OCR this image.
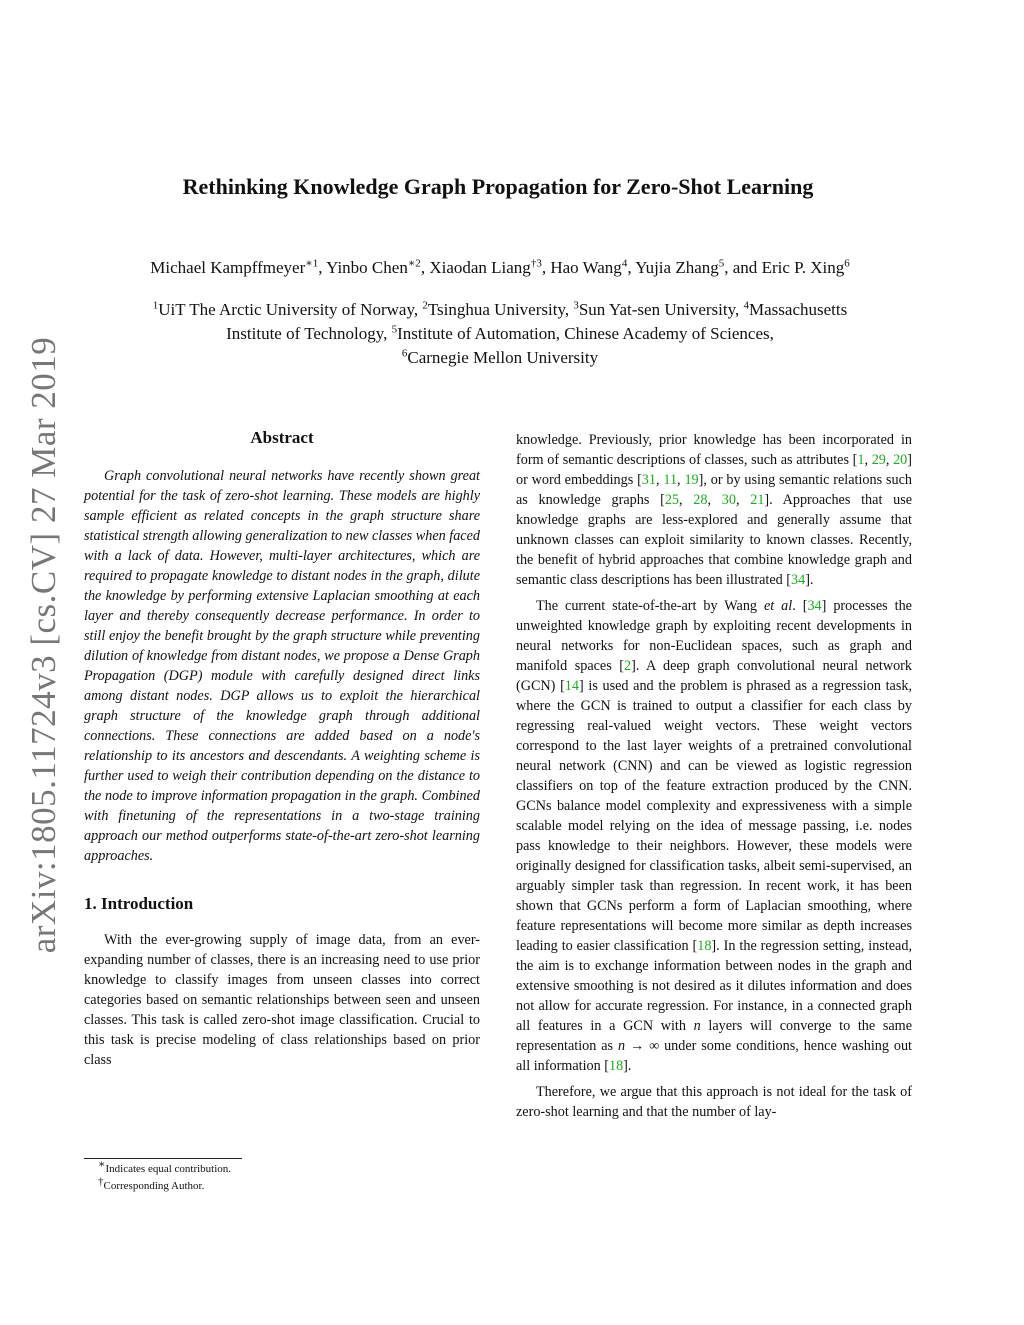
arXiv:1805.11724v3 [cs.CV] 27 Mar 2019
Rethinking Knowledge Graph Propagation for Zero-Shot Learning
Michael Kampffmeyer$^{∗1}$, Yinbo Chen$^{∗2}$, Xiaodan Liang$^{\dagger 3}$, Hao Wang$^4$, Yujia Zhang$^5$, and Eric P. Xing$^6$
$^1$UiT The Arctic University of Norway, $^2$Tsinghua University, $^3$Sun Yat-sen University, $^4$Massachusetts
Institute of Technology, $^5$Institute of Automation, Chinese Academy of Sciences,
$^6$Carnegie Mellon University
Abstract

Graph convolutional neural networks have recently shown great potential for the task of zero-shot learning. These models are highly sample efficient as related concepts in the graph structure share statistical strength allowing generalization to new classes when faced with a lack of data. However, multi-layer architectures, which are required to propagate knowledge to distant nodes in the graph, dilute the knowledge by performing extensive Laplacian smoothing at each layer and thereby consequently decrease performance. In order to still enjoy the benefit brought by the graph structure while preventing dilution of knowledge from distant nodes, we propose a Dense Graph Propagation (DGP) module with carefully designed direct links among distant nodes. DGP allows us to exploit the hierarchical graph structure of the knowledge graph through additional connections. These connections are added based on a node's relationship to its ancestors and descendants. A weighting scheme is further used to weigh their contribution depending on the distance to the node to improve information propagation in the graph. Combined with finetuning of the representations in a two-stage training approach our method outperforms state-of-the-art zero-shot learning approaches.

1. Introduction

With the ever-growing supply of image data, from an ever-expanding number of classes, there is an increasing need to use prior knowledge to classify images from unseen classes into correct categories based on semantic relationships between seen and unseen classes. This task is called zero-shot image classification. Crucial to this task is precise modeling of class relationships based on prior class

knowledge. Previously, prior knowledge has been incorporated in form of semantic descriptions of classes, such as attributes [1, 29, 20] or word embeddings [31, 11, 19], or by using semantic relations such as knowledge graphs [25, 28, 30, 21]. Approaches that use knowledge graphs are less-explored and generally assume that unknown classes can exploit similarity to known classes. Recently, the benefit of hybrid approaches that combine knowledge graph and semantic class descriptions has been illustrated [34].

The current state-of-the-art by Wang et al. [34] processes the unweighted knowledge graph by exploiting recent developments in neural networks for non-Euclidean spaces, such as graph and manifold spaces [2]. A deep graph convolutional neural network (GCN) [14] is used and the problem is phrased as a regression task, where the GCN is trained to output a classifier for each class by regressing real-valued weight vectors. These weight vectors correspond to the last layer weights of a pretrained convolutional neural network (CNN) and can be viewed as logistic regression classifiers on top of the feature extraction produced by the CNN. GCNs balance model complexity and expressiveness with a simple scalable model relying on the idea of message passing, i.e. nodes pass knowledge to their neighbors. However, these models were originally designed for classification tasks, albeit semi-supervised, an arguably simpler task than regression. In recent work, it has been shown that GCNs perform a form of Laplacian smoothing, where feature representations will become more similar as depth increases leading to easier classification [18]. In the regression setting, instead, the aim is to exchange information between nodes in the graph and extensive smoothing is not desired as it dilutes information and does not allow for accurate regression. For instance, in a connected graph all features in a GCN with n layers will converge to the same representation as n → ∞ under some conditions, hence washing out all information [18].

Therefore, we argue that this approach is not ideal for the task of zero-shot learning and that the number of lay-

∗Indicates equal contribution.
†Corresponding Author.
